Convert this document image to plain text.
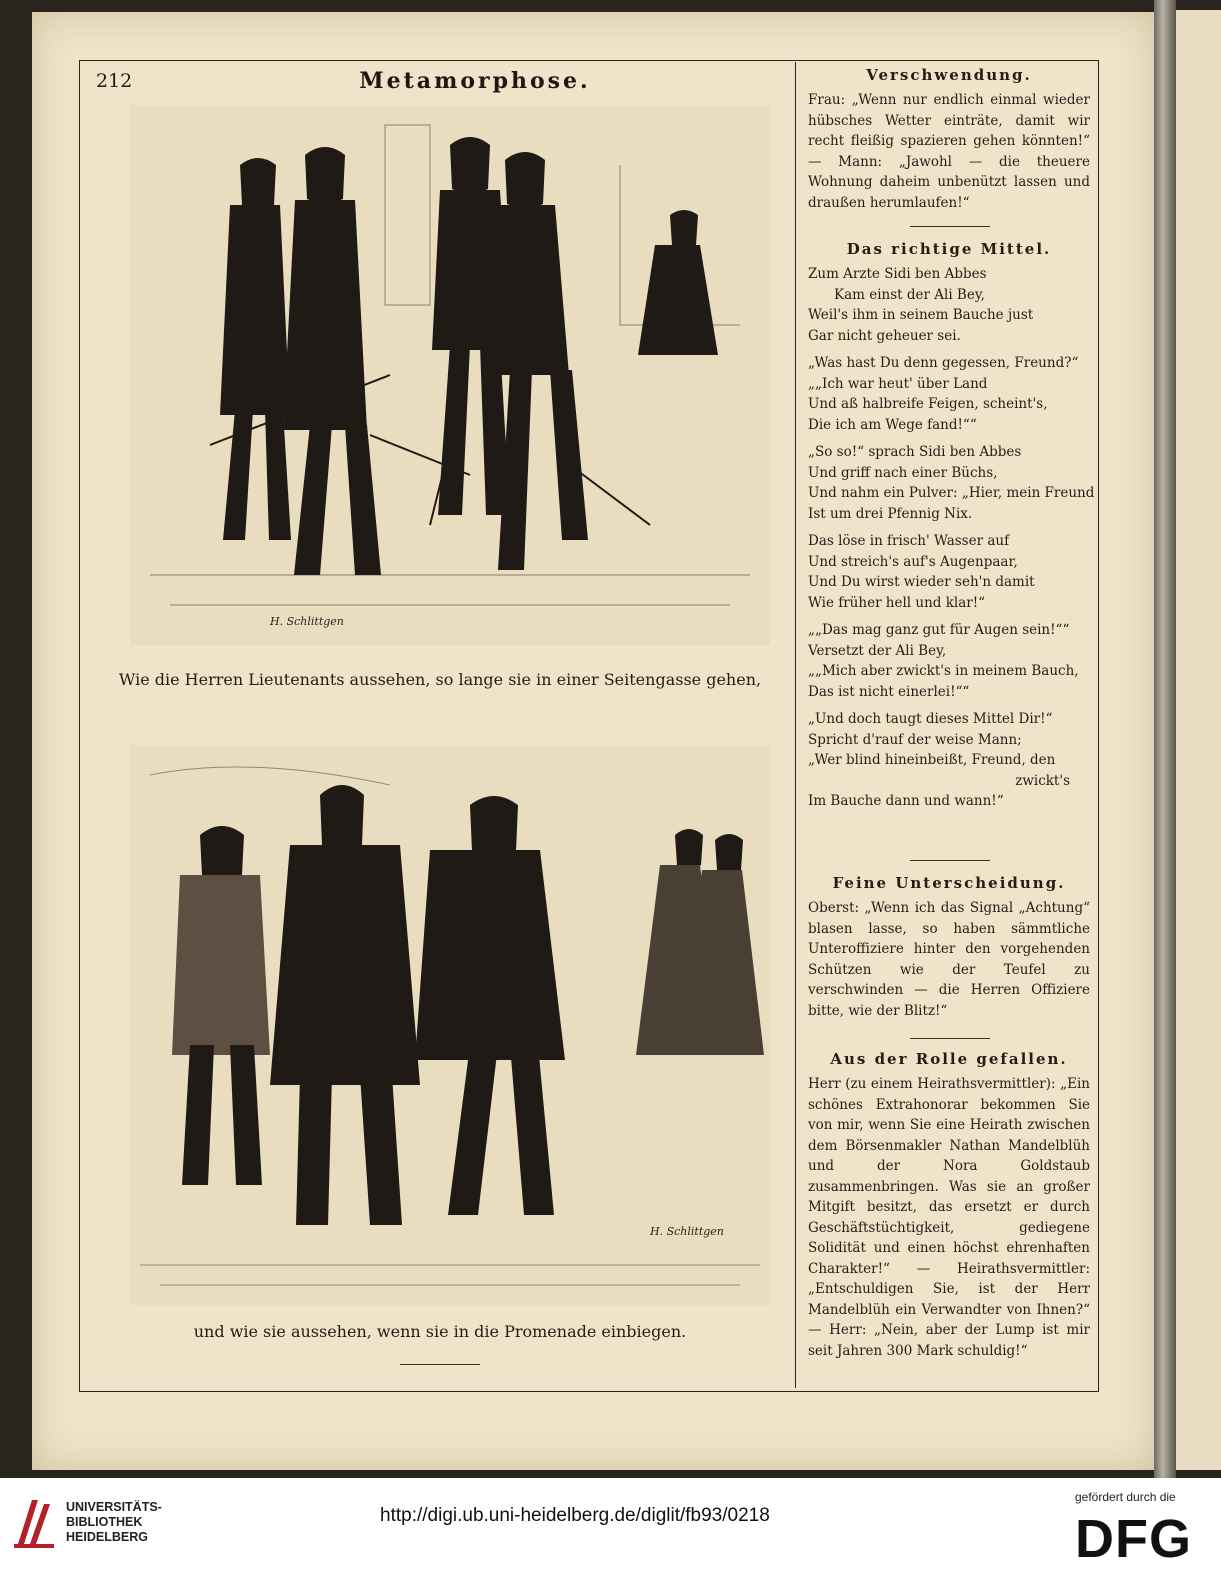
212	Metamorphose.
H. Schlittgen
Wie die Herren Lieutenants aussehen, so lange sie in einer Seitengasse gehen,
H. Schlittgen
und wie sie aussehen, wenn sie in die Promenade einbiegen.
Verschwendung.

Frau: „Wenn nur endlich einmal wieder hübsches Wetter einträte, damit wir recht fleißig spazieren gehen könnten!“ — Mann: „Jawohl — die theuere Wohnung daheim unbenützt lassen und draußen herumlaufen!“

Das richtige Mittel.
Zum Arzte Sidi ben Abbes
Kam einst der Ali Bey,
Weil's ihm in seinem Bauche just
Gar nicht geheuer sei.
„Was hast Du denn gegessen, Freund?“
„„Ich war heut' über Land
Und aß halbreife Feigen, scheint's,
Die ich am Wege fand!““
„So so!“ sprach Sidi ben Abbes
Und griff nach einer Büchs,
Und nahm ein Pulver: „Hier, mein Freund
Ist um drei Pfennig Nix.
Das löse in frisch' Wasser auf
Und streich's auf's Augenpaar,
Und Du wirst wieder seh'n damit
Wie früher hell und klar!“
„„Das mag ganz gut für Augen sein!““
Versetzt der Ali Bey,
„„Mich aber zwickt's in meinem Bauch,
Das ist nicht einerlei!““
„Und doch taugt dieses Mittel Dir!“
Spricht d'rauf der weise Mann;
„Wer blind hineinbeißt, Freund, den
zwickt's
Im Bauche dann und wann!“
Feine Unterscheidung.

Oberst: „Wenn ich das Signal „Achtung“ blasen lasse, so haben sämmtliche Unteroffiziere hinter den vorgehenden Schützen wie der Teufel zu verschwinden — die Herren Offiziere bitte, wie der Blitz!“

Aus der Rolle gefallen.

Herr (zu einem Heirathsvermittler): „Ein schönes Extrahonorar bekommen Sie von mir, wenn Sie eine Heirath zwischen dem Börsenmakler Nathan Mandelblüh und der Nora Goldstaub zusammenbringen. Was sie an großer Mitgift besitzt, das ersetzt er durch Geschäftstüchtigkeit, gediegene Solidität und einen höchst ehrenhaften Charakter!“ — Heirathsvermittler: „Entschuldigen Sie, ist der Herr Mandelblüh ein Verwandter von Ihnen?“ — Herr: „Nein, aber der Lump ist mir seit Jahren 300 Mark schuldig!“

UNIVERSITÄTS-
BIBLIOTHEK
HEIDELBERG
http://digi.ub.uni-heidelberg.de/diglit/fb93/0218
gefördert durch die
DFG
